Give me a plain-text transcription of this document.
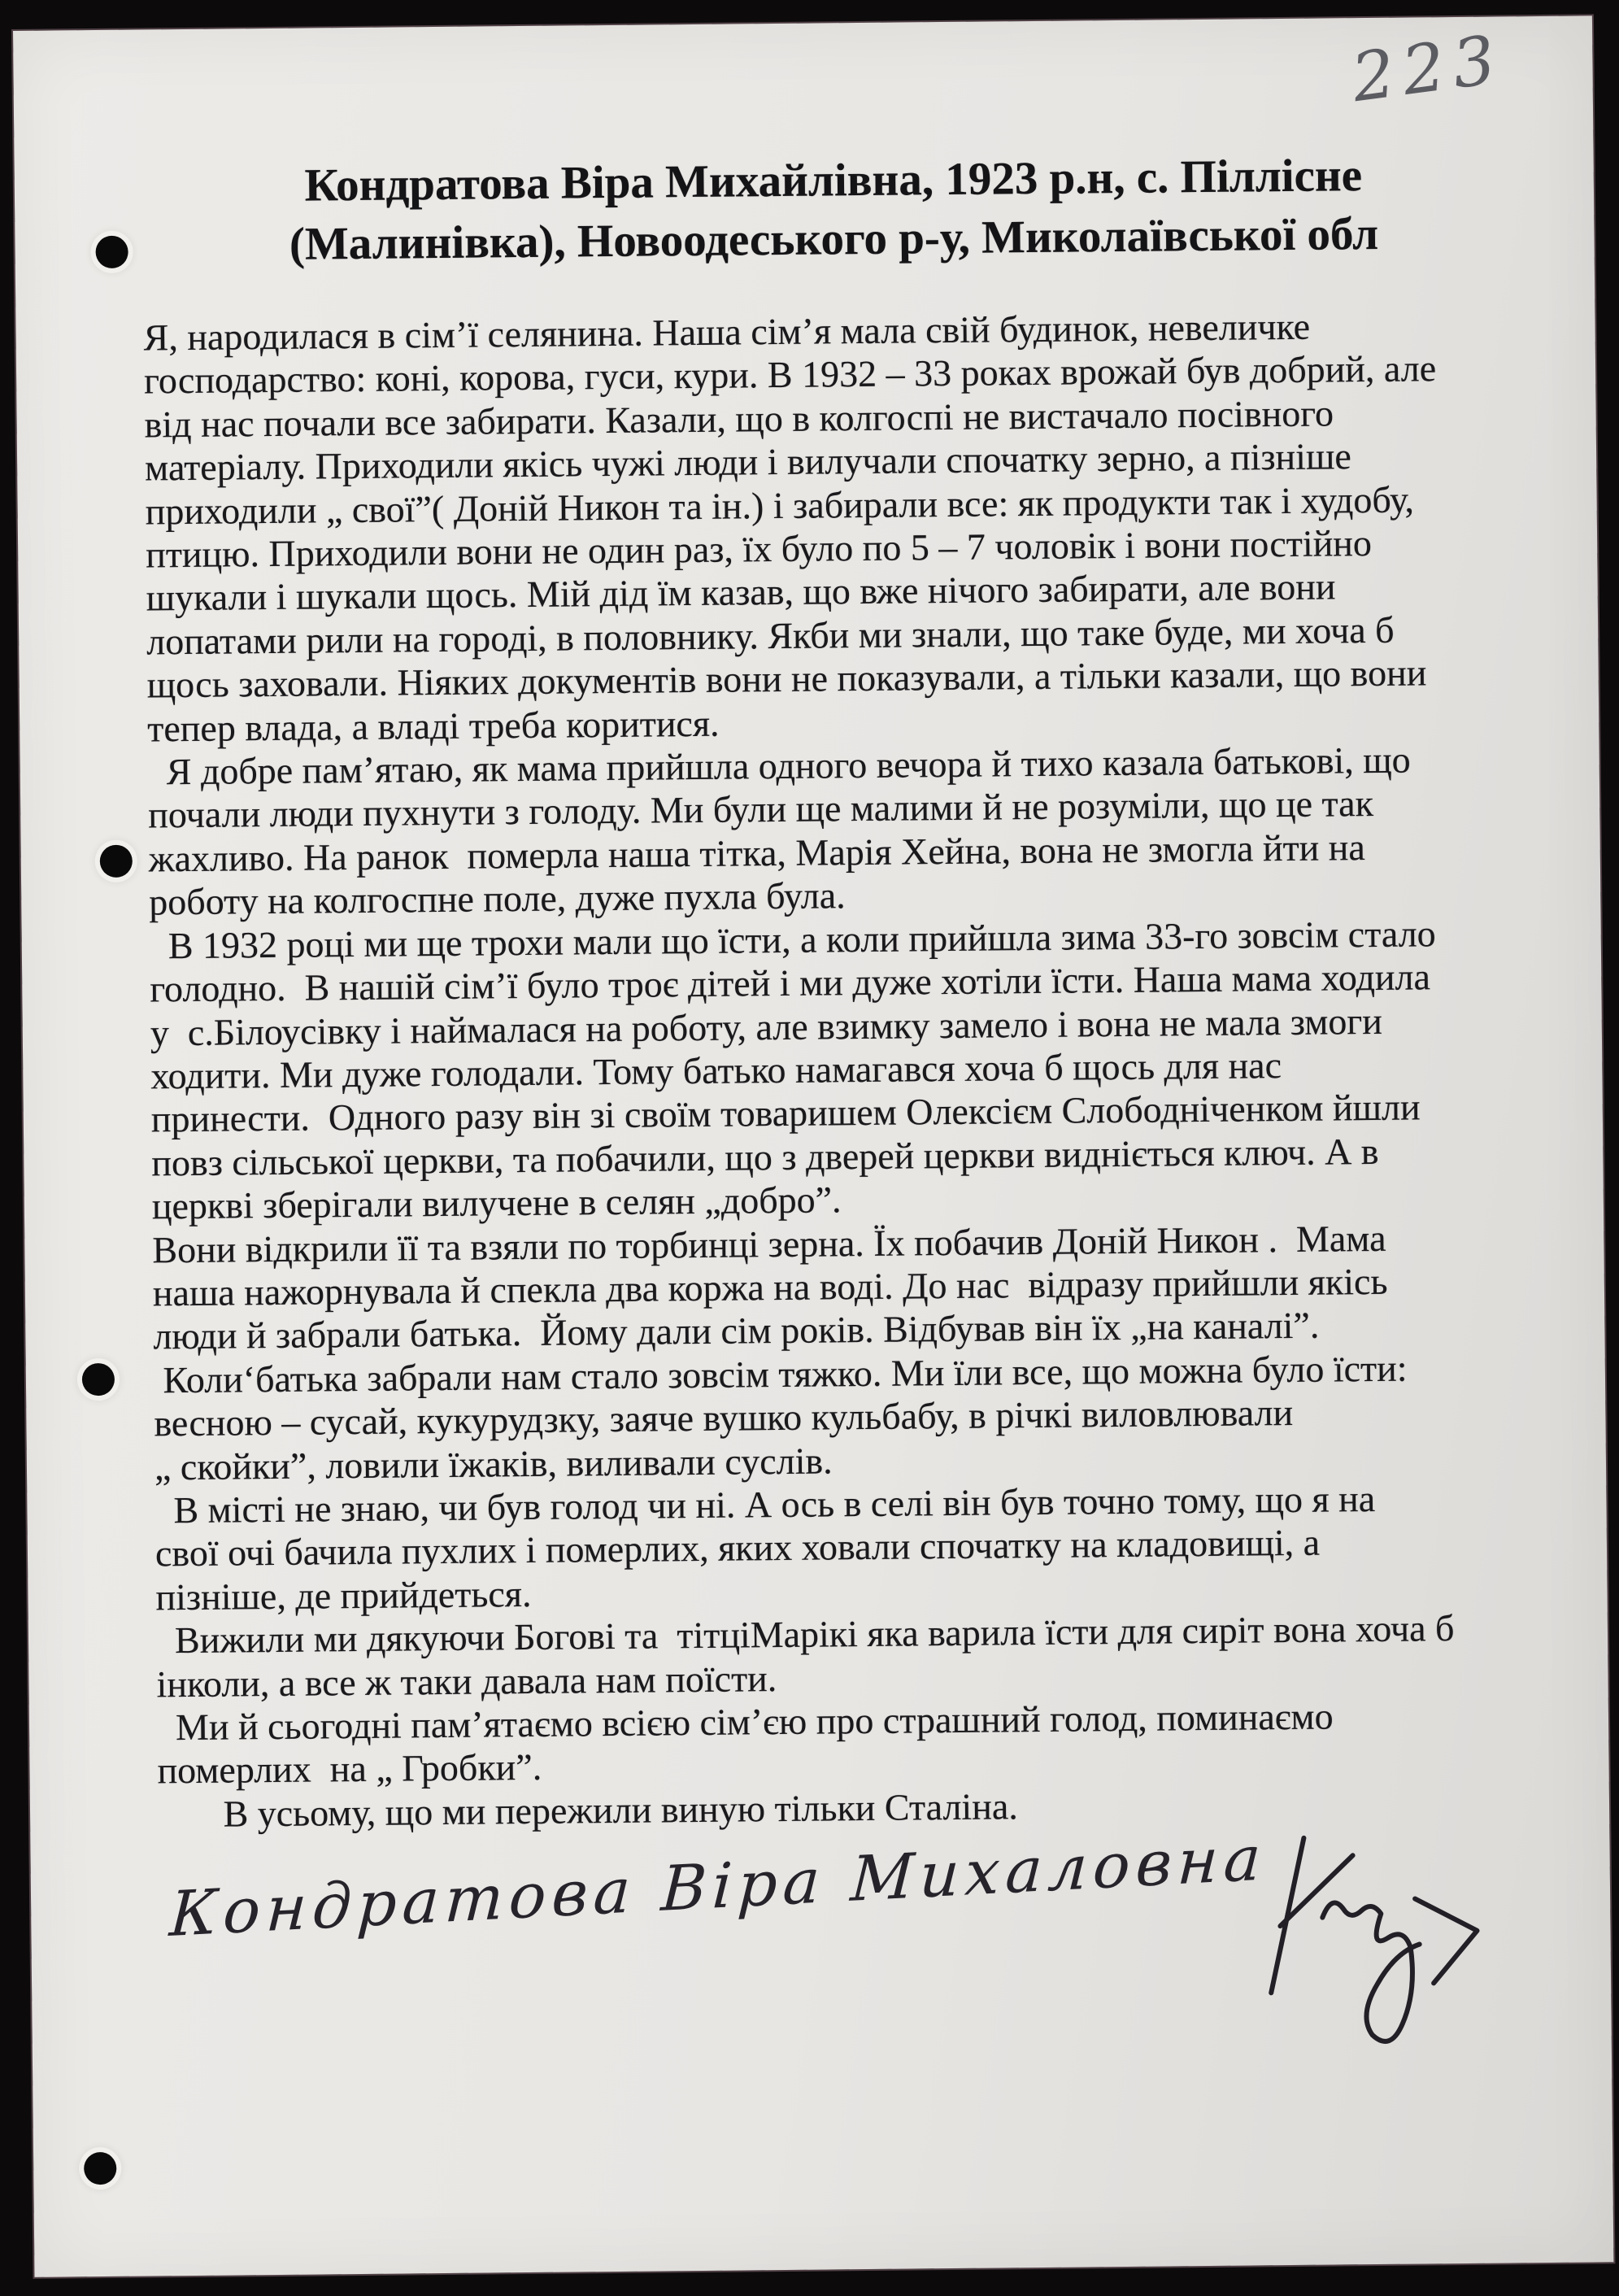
223
Кондратова Віра Михайлівна, 1923 р.н, с. Піллісне
(Малинівка), Новоодеського р-у, Миколаївської обл
Я, народилася в сім’ї селянина. Наша сім’я мала свій будинок, невеличке
господарство: коні, корова, гуси, кури. В 1932 – 33 роках врожай був добрий, але
від нас почали все забирати. Казали, що в колгоспі не вистачало посівного
матеріалу. Приходили якісь чужі люди і вилучали спочатку зерно, а пізніше
приходили „ свої”( Доній Никон та ін.) і забирали все: як продукти так і худобу,
птицю. Приходили вони не один раз, їх було по 5 – 7 чоловік і вони постійно
шукали і шукали щось. Мій дід їм казав, що вже нічого забирати, але вони
лопатами рили на городі, в половнику. Якби ми знали, що таке буде, ми хоча б
щось заховали. Ніяких документів вони не показували, а тільки казали, що вони
тепер влада, а владі треба коритися.
Я добре пам’ятаю, як мама прийшла одного вечора й тихо казала батькові, що
почали люди пухнути з голоду. Ми були ще малими й не розуміли, що це так
жахливо. На ранок  померла наша тітка, Марія Хейна, вона не змогла йти на
роботу на колгоспне поле, дуже пухла була.
В 1932 році ми ще трохи мали що їсти, а коли прийшла зима 33-го зовсім стало
голодно.  В нашій сім’ї було троє дітей і ми дуже хотіли їсти. Наша мама ходила
у  с.Білоусівку і наймалася на роботу, але взимку замело і вона не мала змоги
ходити. Ми дуже голодали. Тому батько намагався хоча б щось для нас
принести.  Одного разу він зі своїм товаришем Олексієм Слободніченком йшли
повз сільської церкви, та побачили, що з дверей церкви видніється ключ. А в
церкві зберігали вилучене в селян „добро”.
Вони відкрили її та взяли по торбинці зерна. Їх побачив Доній Никон .  Мама
наша нажорнувала й спекла два коржа на воді. До нас  відразу прийшли якісь
люди й забрали батька.  Йому дали сім років. Відбував він їх „на каналі”.
Коли‘батька забрали нам стало зовсім тяжко. Ми їли все, що можна було їсти:
весною – сусай, кукурудзку, заяче вушко кульбабу, в річкі виловлювали
„ скойки”, ловили їжаків, виливали суслів.
В місті не знаю, чи був голод чи ні. А ось в селі він був точно тому, що я на
свої очі бачила пухлих і померлих, яких ховали спочатку на кладовищі, а
пізніше, де прийдеться.
Вижили ми дякуючи Богові та  тітціМарікі яка варила їсти для сиріт вона хоча б
інколи, а все ж таки давала нам поїсти.
Ми й сьогодні пам’ятаємо всією сім’єю про страшний голод, поминаємо
померлих  на „ Гробки”.
В усьому, що ми пережили виную тільки Сталіна.
Кондратова Віра Михаловна
